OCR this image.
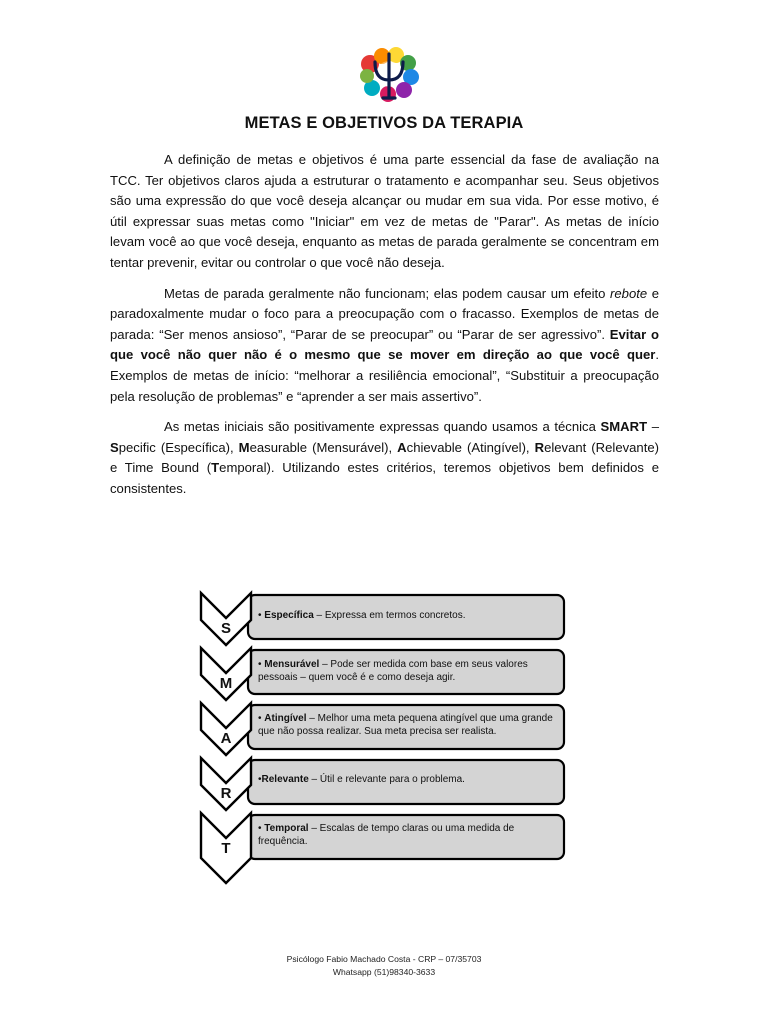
METAS E OBJETIVOS DA TERAPIA

A definição de metas e objetivos é uma parte essencial da fase de avaliação na TCC. Ter objetivos claros ajuda a estruturar o tratamento e acompanhar seu. Seus objetivos são uma expressão do que você deseja alcançar ou mudar em sua vida. Por esse motivo, é útil expressar suas metas como "Iniciar" em vez de metas de "Parar". As metas de início levam você ao que você deseja, enquanto as metas de parada geralmente se concentram em tentar prevenir, evitar ou controlar o que você não deseja.

Metas de parada geralmente não funcionam; elas podem causar um efeito rebote e paradoxalmente mudar o foco para a preocupação com o fracasso. Exemplos de metas de parada: “Ser menos ansioso”, “Parar de se preocupar” ou “Parar de ser agressivo”. Evitar o que você não quer não é o mesmo que se mover em direção ao que você quer. Exemplos de metas de início: “melhorar a resiliência emocional”, “Substituir a preocupação pela resolução de problemas” e “aprender a ser mais assertivo”.

As metas iniciais são positivamente expressas quando usamos a técnica SMART – Specific (Específica), Measurable (Mensurável), Achievable (Atingível), Relevant (Relevante) e Time Bound (Temporal). Utilizando estes critérios, teremos objetivos bem definidos e consistentes.

S
M
A
R
T
• Específica – Expressa em termos concretos.
• Mensurável – Pode ser medida com base em seus valores pessoais – quem você é e como deseja agir.
• Atingível – Melhor uma meta pequena atingível que uma grande que não possa realizar. Sua meta precisa ser realista.
•Relevante – Útil e relevante para o problema.
• Temporal – Escalas de tempo claras ou uma medida de frequência.
Psicólogo Fabio Machado Costa - CRP – 07/35703
Whatsapp (51)98340-3633
